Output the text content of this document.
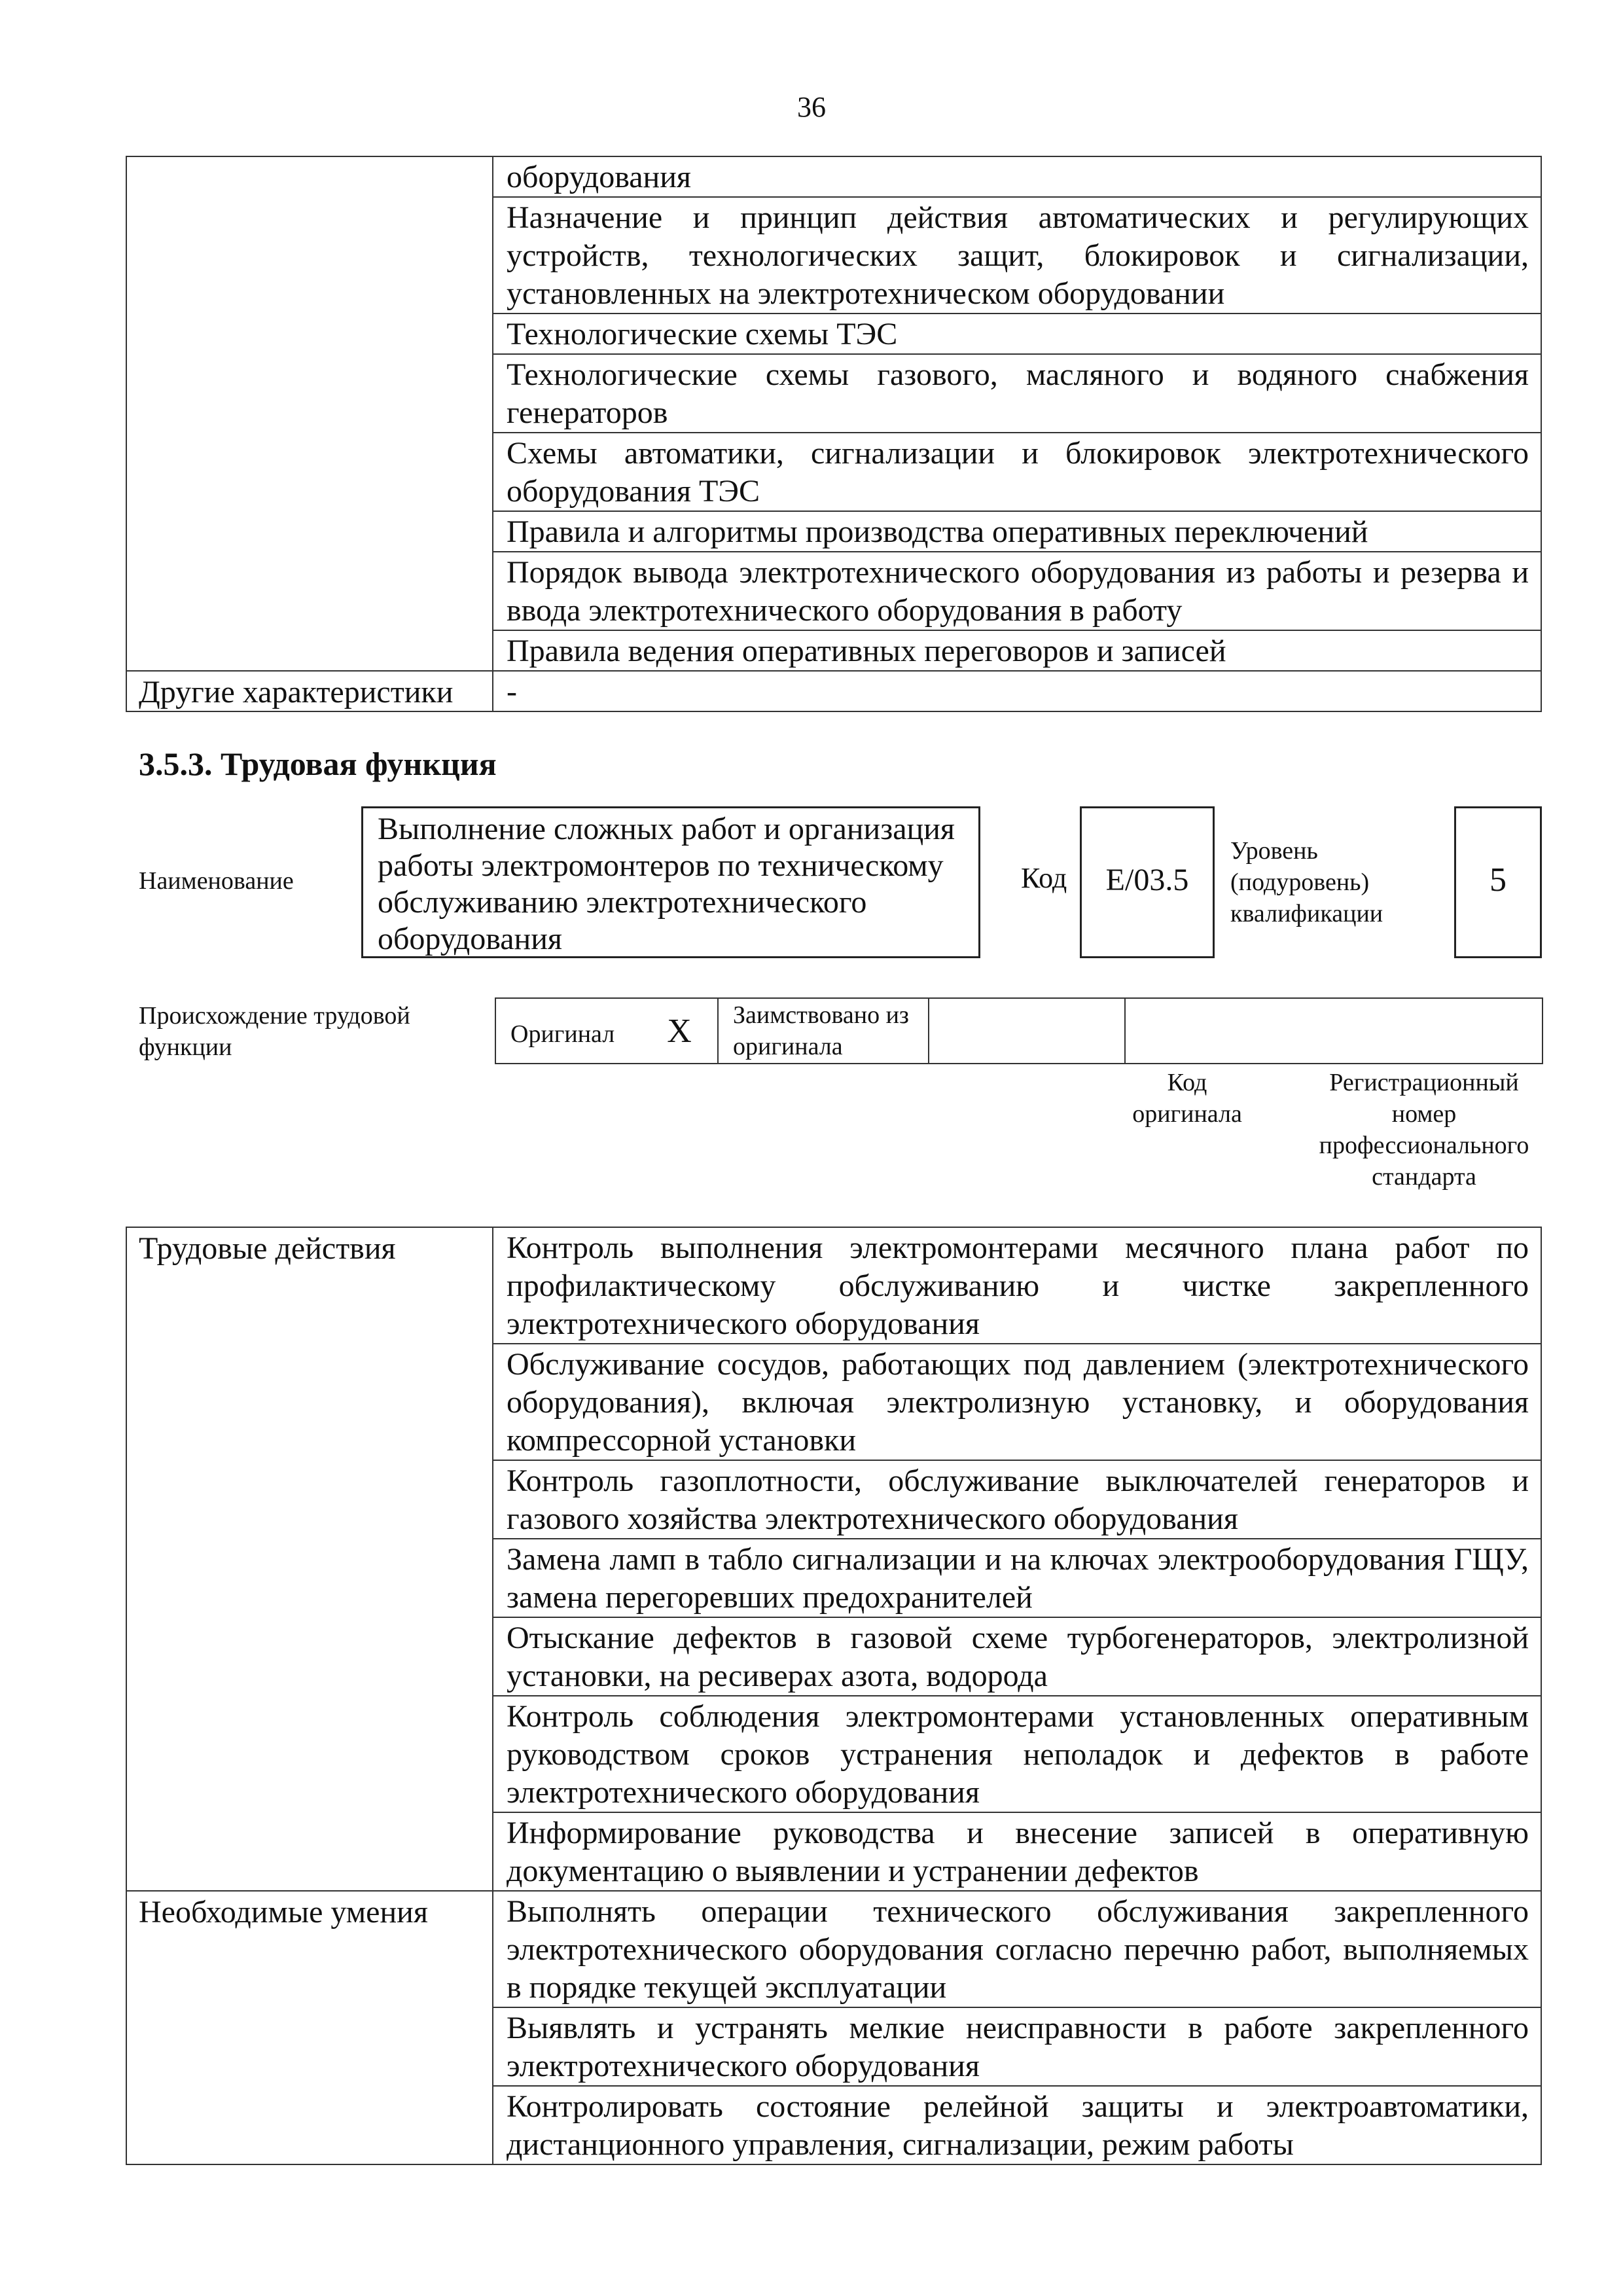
36
	оборудования
	Назначение и принцип действия автоматических и регулирующих устройств, технологических защит, блокировок и сигнализации, установленных на электротехническом оборудовании
	Технологические схемы ТЭС
	Технологические схемы газового, масляного и водяного снабжения генераторов
	Схемы автоматики, сигнализации и блокировок электротехнического оборудования ТЭС
	Правила и алгоритмы производства оперативных переключений
	Порядок вывода электротехнического оборудования из работы и резерва и ввода электротехнического оборудования в работу
	Правила ведения оперативных переговоров и записей
Другие характеристики	-
3.5.3. Трудовая функция
Наименование
Выполнение сложных работ и организация работы электромонтеров по техническому обслуживанию электротехнического оборудования
Код	E/03.5
Уровень (подуровень) квалификации
5
Происхождение трудовой функции	Оригинал X	Заимствовано из оригинала	
Код оригинала
Регистрационный номер профессионального стандарта
Трудовые действия	Контроль выполнения электромонтерами месячного плана работ по профилактическому обслуживанию и чистке закрепленного электротехнического оборудования
	Обслуживание сосудов, работающих под давлением (электротехнического оборудования), включая электролизную установку, и оборудования компрессорной установки
	Контроль газоплотности, обслуживание выключателей генераторов и газового хозяйства электротехнического оборудования
	Замена ламп в табло сигнализации и на ключах электрооборудования ГЩУ, замена перегоревших предохранителей
	Отыскание дефектов в газовой схеме турбогенераторов, электролизной установки, на ресиверах азота, водорода
	Контроль соблюдения электромонтерами установленных оперативным руководством сроков устранения неполадок и дефектов в работе электротехнического оборудования
	Информирование руководства и внесение записей в оперативную документацию о выявлении и устранении дефектов
Необходимые умения	Выполнять операции технического обслуживания закрепленного электротехнического оборудования согласно перечню работ, выполняемых в порядке текущей эксплуатации
	Выявлять и устранять мелкие неисправности в работе закрепленного электротехнического оборудования
	Контролировать состояние релейной защиты и электроавтоматики, дистанционного управления, сигнализации, режим работы
